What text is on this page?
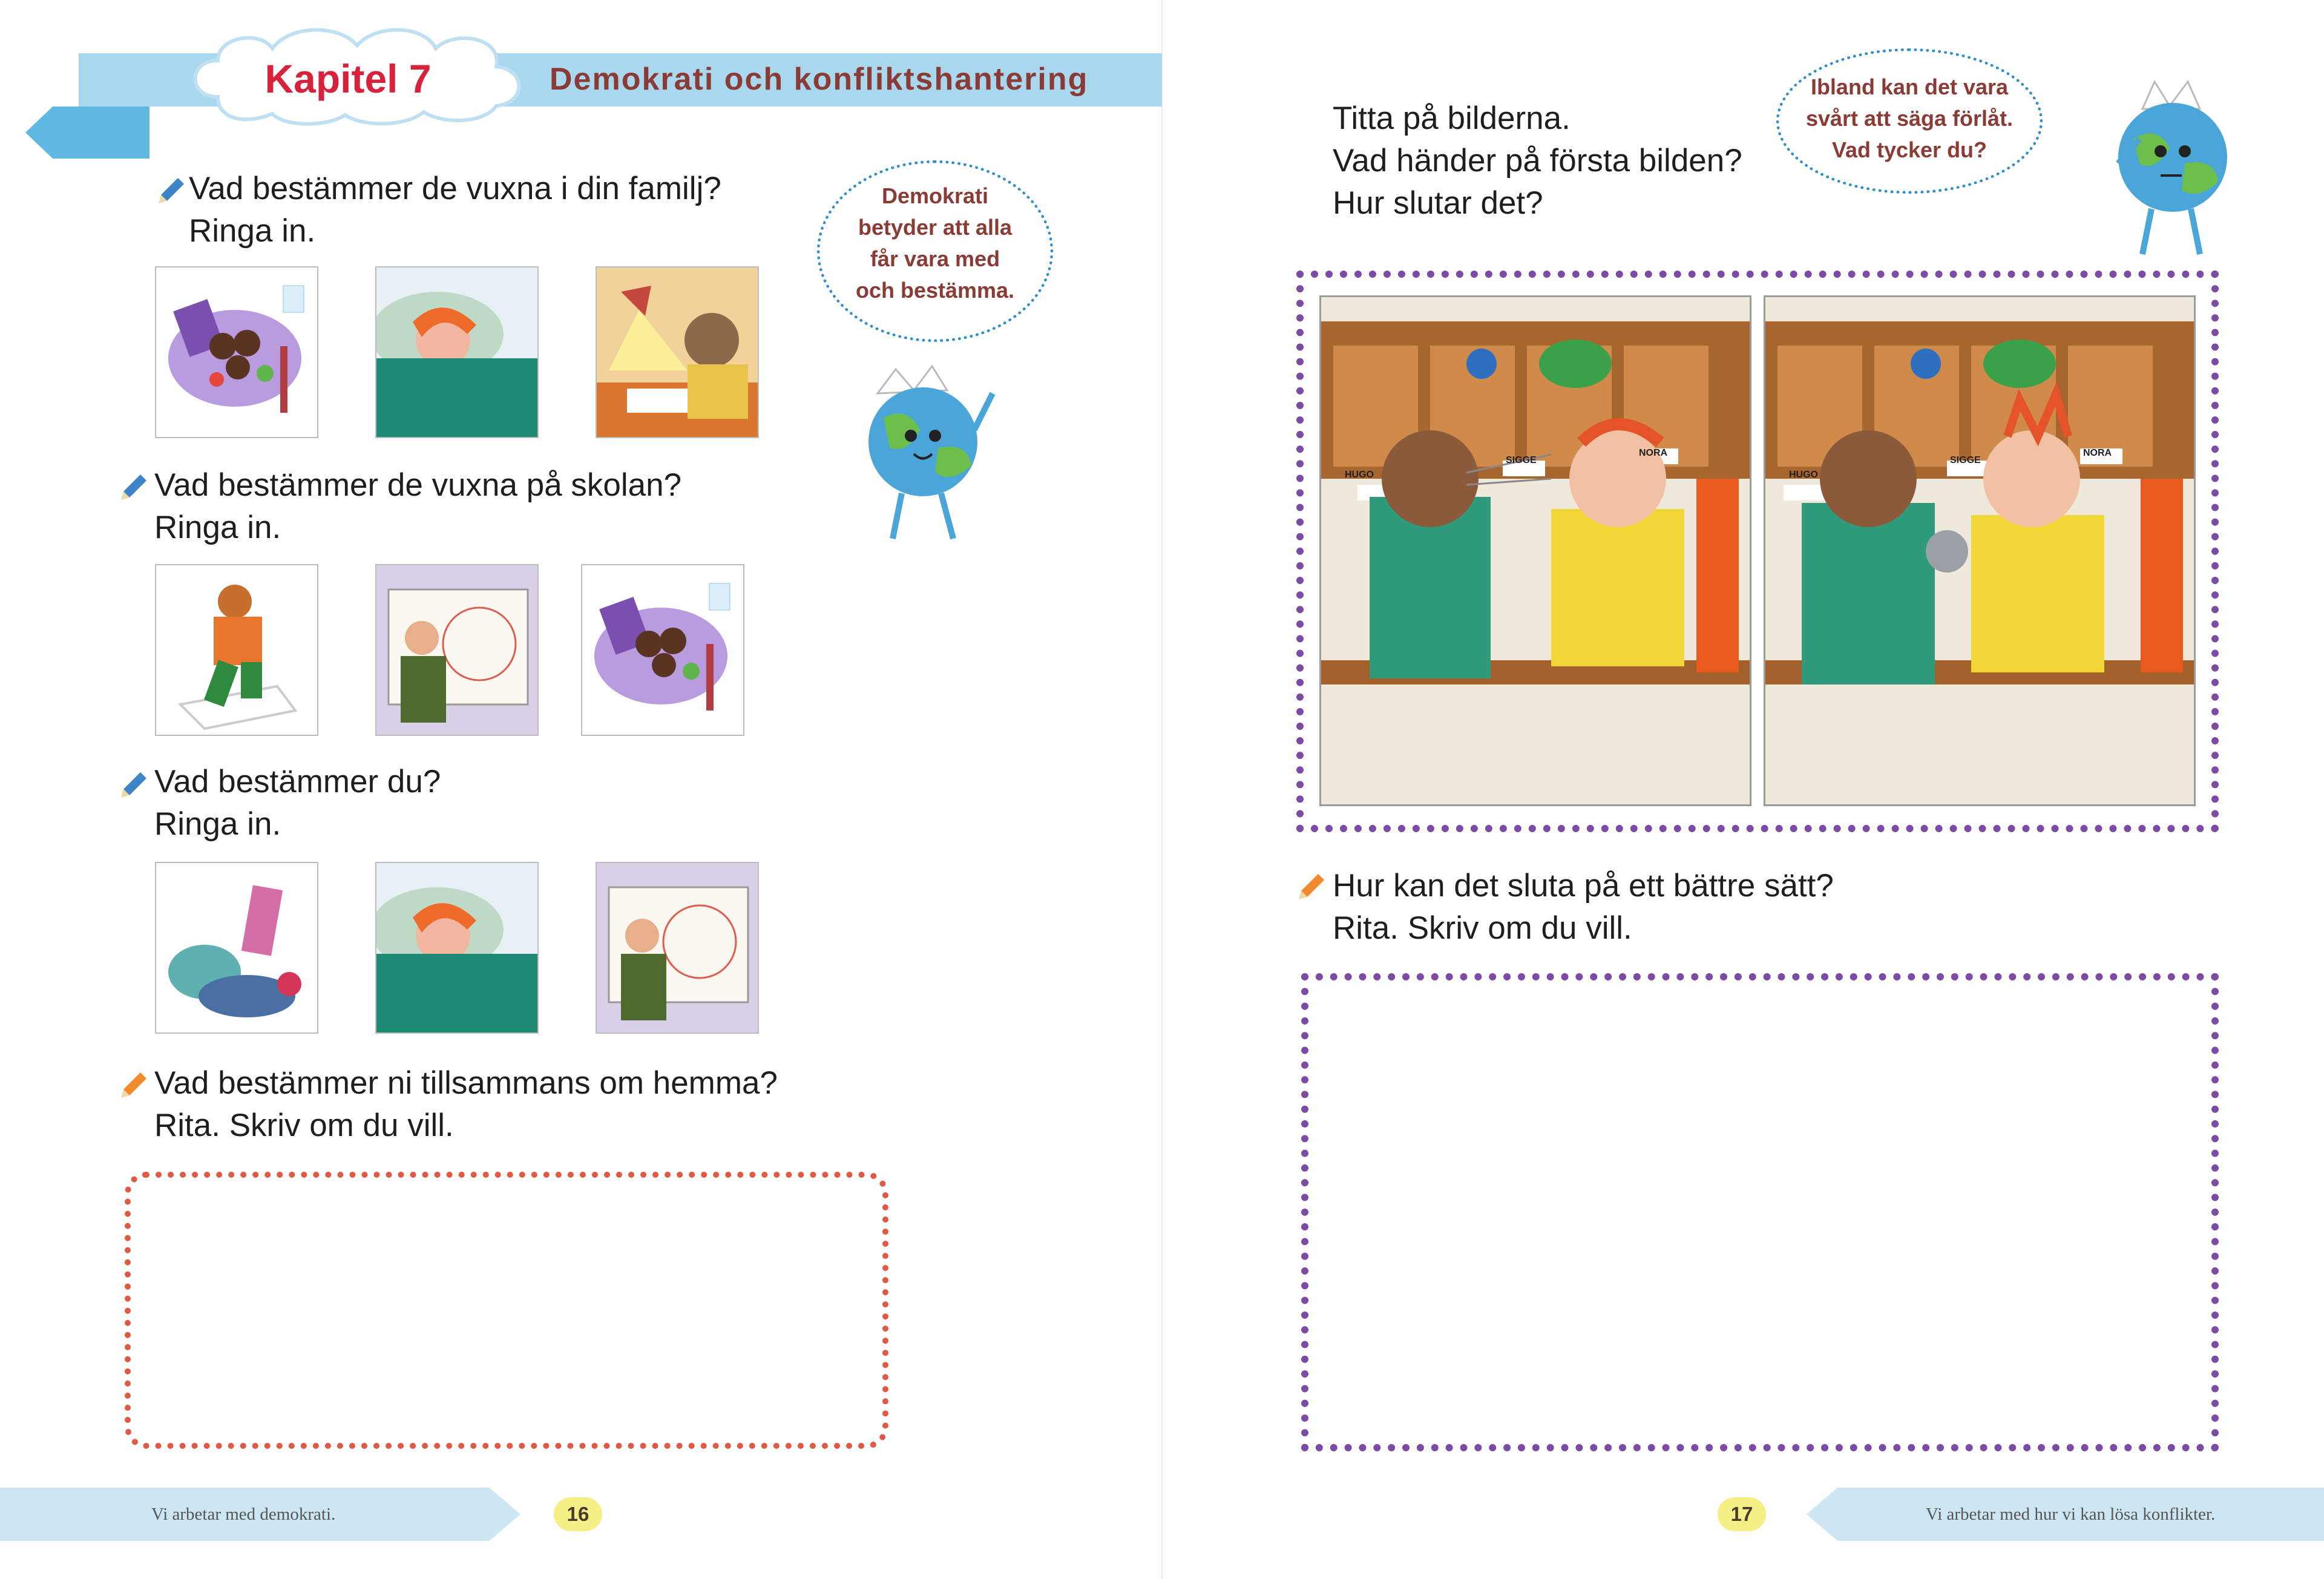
Kapitel 7	Demokrati och konfliktshantering
Vad bestämmer de vuxna i din familj?
Ringa in.
Vad bestämmer de vuxna på skolan?
Ringa in.
Vad bestämmer du?
Ringa in.
Vad bestämmer ni tillsammans om hemma?
Rita. Skriv om du vill.
Demokrati
betyder att alla
får vara med
och bestämma.
Titta på bilderna.
Vad händer på första bilden?
Hur slutar det?
Ibland kan det vara
svårt att säga förlåt.
Vad tycker du?
HUGO
SIGGE
NORA
HUGO
SIGGE
NORA
Hur kan det sluta på ett bättre sätt?
Rita. Skriv om du vill.
Vi arbetar med demokrati.	16	17	Vi arbetar med hur vi kan lösa konflikter.
